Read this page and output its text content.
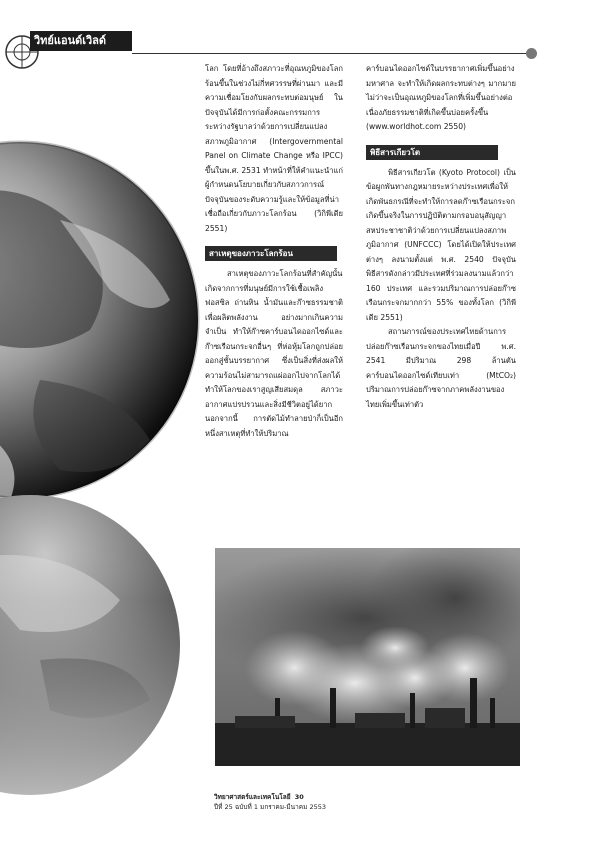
วิทย์แอนด์เวิลด์

โลก โดยที่อ้างถึงสภาวะที่อุณหภูมิของโลกร้อนขึ้นในช่วงไม่กี่ทศวรรษที่ผ่านมา และมีความเชื่อมโยงกับผลกระทบต่อมนุษย์ ในปัจจุบันได้มีการก่อตั้งคณะกรรมการระหว่างรัฐบาลว่าด้วยการเปลี่ยนแปลงสภาพภูมิอากาศ (Intergovernmental Panel on Climate Change หรือ IPCC) ขึ้นในพ.ศ. 2531 ทำหน้าที่ให้คำแนะนำแก่ผู้กำหนดนโยบายเกี่ยวกับสภาวการณ์ปัจจุบันของระดับความรู้และให้ข้อมูลที่น่าเชื่อถือเกี่ยวกับภาวะโลกร้อน (วิกิพีเดีย 2551)

สาเหตุของภาวะโลกร้อน

สาเหตุของภาวะโลกร้อนที่สำคัญนั้นเกิดจากการที่มนุษย์มีการใช้เชื้อเพลิงฟอสซิล ถ่านหิน น้ำมันและก๊าซธรรมชาติ เพื่อผลิตพลังงาน อย่างมากเกินความจำเป็น ทำให้ก๊าซคาร์บอนไดออกไซด์และก๊าซเรือนกระจกอื่นๆ ที่ห่อหุ้มโลกถูกปล่อยออกสู่ชั้นบรรยากาศ ซึ่งเป็นสิ่งที่ส่งผลให้ความร้อนไม่สามารถแผ่ออกไปจากโลกได้ ทำให้โลกของเราสูญเสียสมดุล สภาวะอากาศแปรปรวนและสิ่งมีชีวิตอยู่ได้ยาก นอกจากนี้ การตัดไม้ทำลายป่าก็เป็นอีกหนึ่งสาเหตุที่ทำให้ปริมาณ

คาร์บอนไดออกไซด์ในบรรยากาศเพิ่มขึ้นอย่างมหาศาล จะทำให้เกิดผลกระทบต่างๆ มากมาย ไม่ว่าจะเป็นอุณหภูมิของโลกที่เพิ่มขึ้นอย่างต่อเนื่องภัยธรรมชาติที่เกิดขึ้นบ่อยครั้งขึ้น (www.worldhot.com 2550)

พิธีสารเกียวโต

พิธีสารเกียวโต (Kyoto Protocol) เป็นข้อผูกพันทางกฎหมายระหว่างประเทศเพื่อให้เกิดพันธกรณีที่จะทำให้การลดก๊าซเรือนกระจกเกิดขึ้นจริงในการปฏิบัติตามกรอบอนุสัญญาสหประชาชาติว่าด้วยการเปลี่ยนแปลงสภาพภูมิอากาศ (UNFCCC) โดยได้เปิดให้ประเทศต่างๆ ลงนามตั้งแต่ พ.ศ. 2540 ปัจจุบัน พิธีสารดังกล่าวมีประเทศที่ร่วมลงนามแล้วกว่า 160 ประเทศ และรวมปริมาณการปล่อยก๊าซเรือนกระจกมากกว่า 55% ของทั้งโลก (วิกิพีเดีย 2551)

สถานการณ์ของประเทศไทยด้านการปล่อยก๊าซเรือนกระจกของไทยเมื่อปี พ.ศ. 2541 มีปริมาณ 298 ล้านตันคาร์บอนไดออกไซด์เทียบเท่า (MtCO₂) ปริมาณการปล่อยก๊าซจากภาคพลังงานของไทยเพิ่มขึ้นเท่าตัว

วิทยาศาสตร์และเทคโนโลยี 30
ปีที่ 25 ฉบับที่ 1 มกราคม-มีนาคม 2553
